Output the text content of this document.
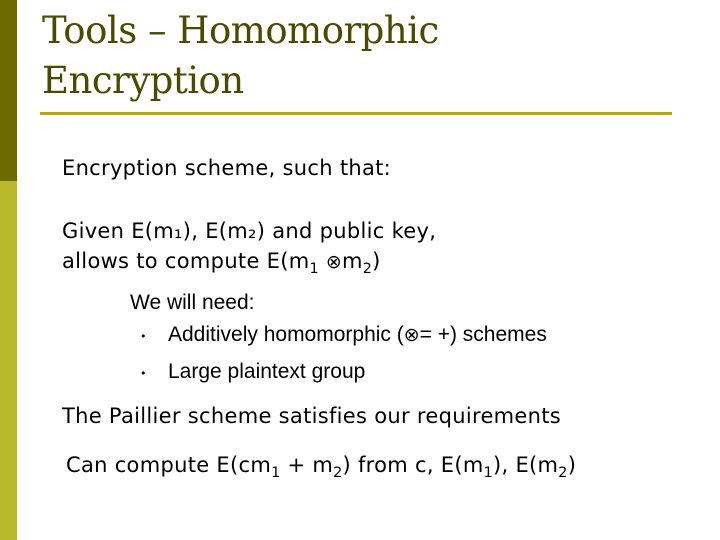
Tools – Homomorphic
Encryption
Encryption scheme, such that:
Given E(m₁), E(m₂) and public key,
allows to compute $E(m_1$ $\otimes m_2$)
We will need:
• Additively homomorphic (⊗= +) schemes
• Large plaintext group
The Paillier scheme satisfies our requirements
Can compute $E(cm_1 + m_2)$ from c, $E(m_1)$, $E(m_2)$
